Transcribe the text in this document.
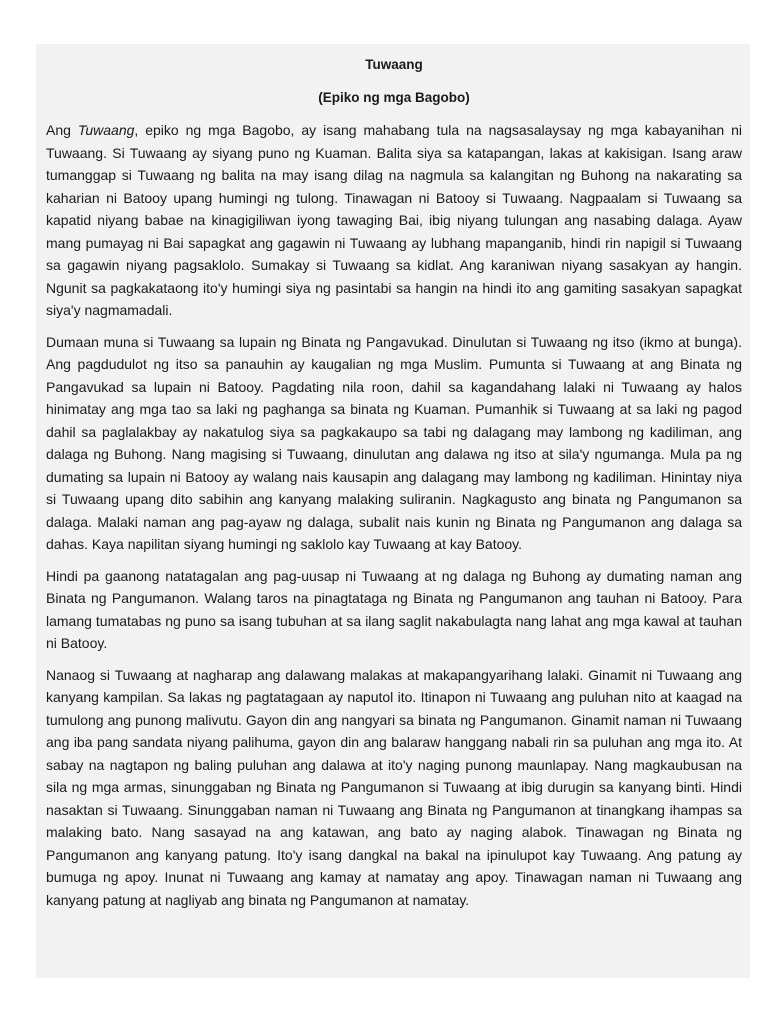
Tuwaang

(Epiko ng mga Bagobo)

Ang Tuwaang, epiko ng mga Bagobo, ay isang mahabang tula na nagsasalaysay ng mga kabayanihan ni Tuwaang. Si Tuwaang ay siyang puno ng Kuaman. Balita siya sa katapangan, lakas at kakisigan. Isang araw tumanggap si Tuwaang ng balita na may isang dilag na nagmula sa kalangitan ng Buhong na nakarating sa kaharian ni Batooy upang humingi ng tulong. Tinawagan ni Batooy si Tuwaang. Nagpaalam si Tuwaang sa kapatid niyang babae na kinagigiliwan iyong tawaging Bai, ibig niyang tulungan ang nasabing dalaga. Ayaw mang pumayag ni Bai sapagkat ang gagawin ni Tuwaang ay lubhang mapanganib, hindi rin napigil si Tuwaang sa gagawin niyang pagsaklolo. Sumakay si Tuwaang sa kidlat. Ang karaniwan niyang sasakyan ay hangin. Ngunit sa pagkakataong ito'y humingi siya ng pasintabi sa hangin na hindi ito ang gamiting sasakyan sapagkat siya'y nagmamadali.

Dumaan muna si Tuwaang sa lupain ng Binata ng Pangavukad. Dinulutan si Tuwaang ng itso (ikmo at bunga). Ang pagdudulot ng itso sa panauhin ay kaugalian ng mga Muslim. Pumunta si Tuwaang at ang Binata ng Pangavukad sa lupain ni Batooy. Pagdating nila roon, dahil sa kagandahang lalaki ni Tuwaang ay halos hinimatay ang mga tao sa laki ng paghanga sa binata ng Kuaman. Pumanhik si Tuwaang at sa laki ng pagod dahil sa paglalakbay ay nakatulog siya sa pagkakaupo sa tabi ng dalagang may lambong ng kadiliman, ang dalaga ng Buhong. Nang magising si Tuwaang, dinulutan ang dalawa ng itso at sila'y ngumanga. Mula pa ng dumating sa lupain ni Batooy ay walang nais kausapin ang dalagang may lambong ng kadiliman. Hinintay niya si Tuwaang upang dito sabihin ang kanyang malaking suliranin. Nagkagusto ang binata ng Pangumanon sa dalaga. Malaki naman ang pag-ayaw ng dalaga, subalit nais kunin ng Binata ng Pangumanon ang dalaga sa dahas. Kaya napilitan siyang humingi ng saklolo kay Tuwaang at kay Batooy.

Hindi pa gaanong natatagalan ang pag-uusap ni Tuwaang at ng dalaga ng Buhong ay dumating naman ang Binata ng Pangumanon. Walang taros na pinagtataga ng Binata ng Pangumanon ang tauhan ni Batooy. Para lamang tumatabas ng puno sa isang tubuhan at sa ilang saglit nakabulagta nang lahat ang mga kawal at tauhan ni Batooy.

Nanaog si Tuwaang at nagharap ang dalawang malakas at makapangyarihang lalaki. Ginamit ni Tuwaang ang kanyang kampilan. Sa lakas ng pagtatagaan ay naputol ito. Itinapon ni Tuwaang ang puluhan nito at kaagad na tumulong ang punong malivutu. Gayon din ang nangyari sa binata ng Pangumanon. Ginamit naman ni Tuwaang ang iba pang sandata niyang palihuma, gayon din ang balaraw hanggang nabali rin sa puluhan ang mga ito. At sabay na nagtapon ng baling puluhan ang dalawa at ito'y naging punong maunlapay. Nang magkaubusan na sila ng mga armas, sinunggaban ng Binata ng Pangumanon si Tuwaang at ibig durugin sa kanyang binti. Hindi nasaktan si Tuwaang. Sinunggaban naman ni Tuwaang ang Binata ng Pangumanon at tinangkang ihampas sa malaking bato. Nang sasayad na ang katawan, ang bato ay naging alabok. Tinawagan ng Binata ng Pangumanon ang kanyang patung. Ito'y isang dangkal na bakal na ipinulupot kay Tuwaang. Ang patung ay bumuga ng apoy. Inunat ni Tuwaang ang kamay at namatay ang apoy. Tinawagan naman ni Tuwaang ang kanyang patung at nagliyab ang binata ng Pangumanon at namatay.
